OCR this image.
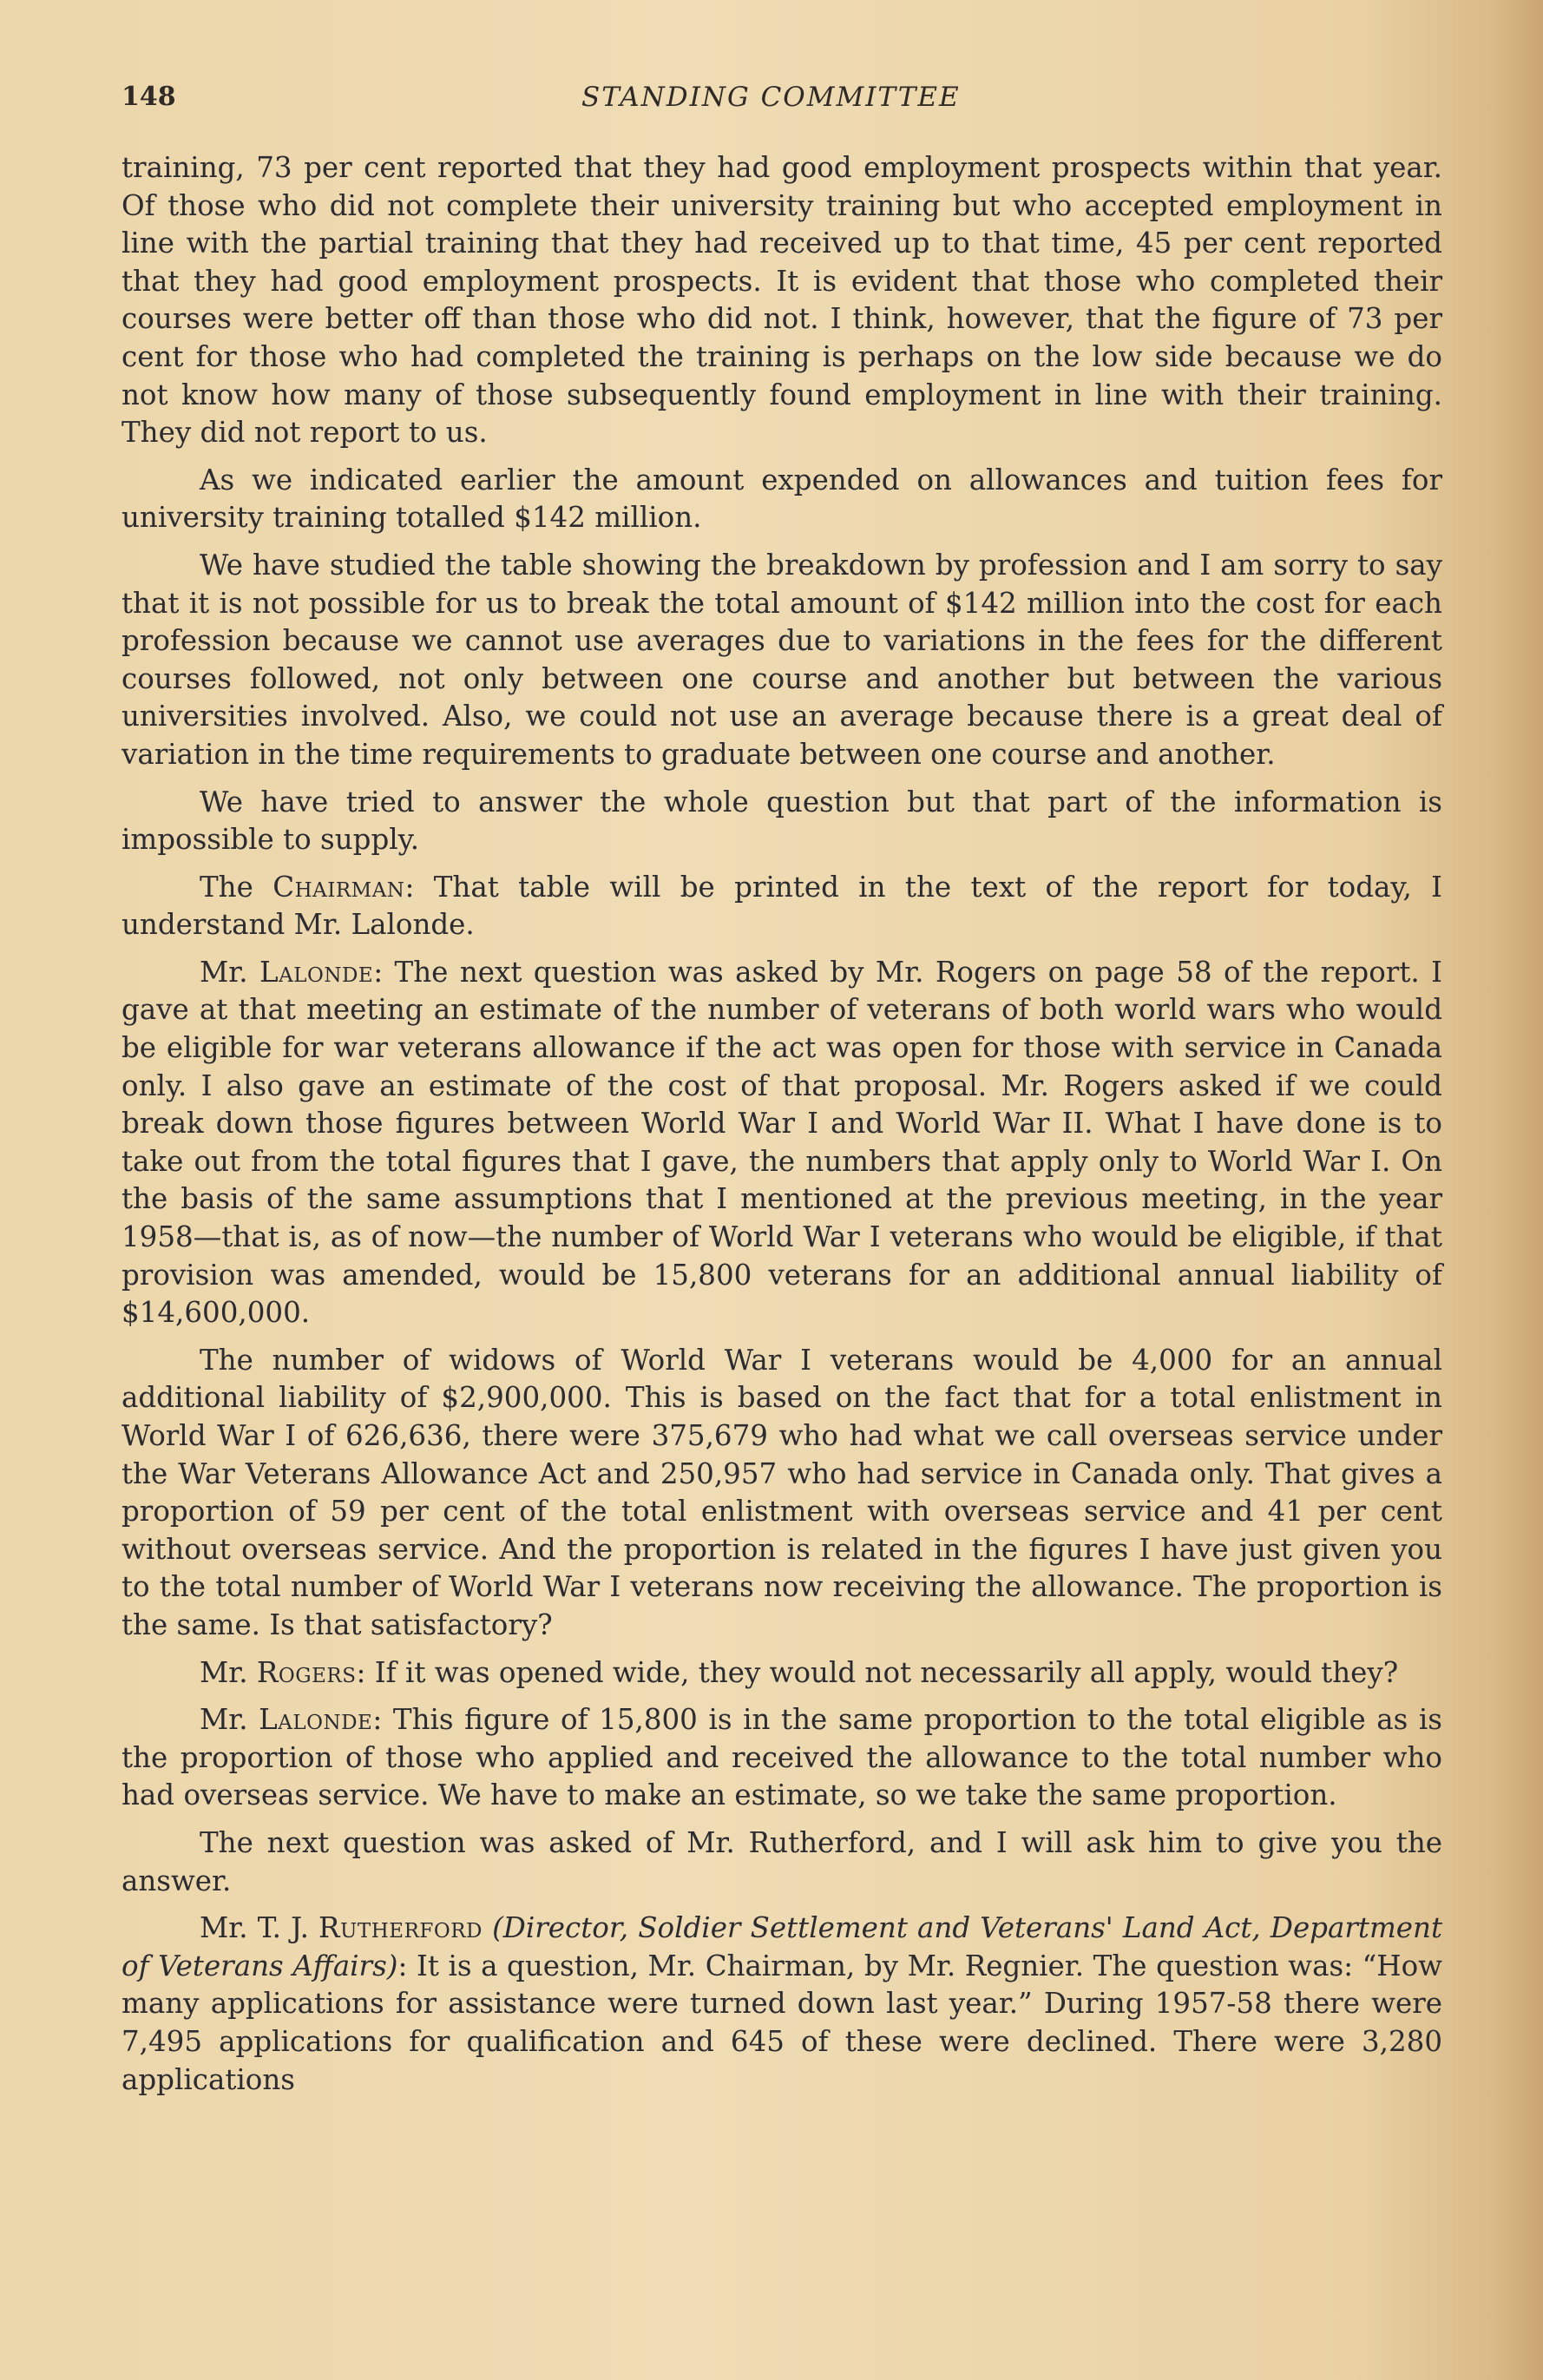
148	STANDING COMMITTEE

training, 73 per cent reported that they had good employment prospects within that year. Of those who did not complete their university training but who accepted employment in line with the partial training that they had received up to that time, 45 per cent reported that they had good employment prospects. It is evident that those who completed their courses were better off than those who did not. I think, however, that the figure of 73 per cent for those who had completed the training is perhaps on the low side because we do not know how many of those subsequently found employment in line with their training. They did not report to us.

As we indicated earlier the amount expended on allowances and tuition fees for university training totalled $142 million.

We have studied the table showing the breakdown by profession and I am sorry to say that it is not possible for us to break the total amount of $142 million into the cost for each profession because we cannot use averages due to variations in the fees for the different courses followed, not only between one course and another but between the various universities involved. Also, we could not use an average because there is a great deal of variation in the time requirements to graduate between one course and another.

We have tried to answer the whole question but that part of the information is impossible to supply.

The Chairman: That table will be printed in the text of the report for today, I understand Mr. Lalonde.

Mr. Lalonde: The next question was asked by Mr. Rogers on page 58 of the report. I gave at that meeting an estimate of the number of veterans of both world wars who would be eligible for war veterans allowance if the act was open for those with service in Canada only. I also gave an estimate of the cost of that proposal. Mr. Rogers asked if we could break down those figures between World War I and World War II. What I have done is to take out from the total figures that I gave, the numbers that apply only to World War I. On the basis of the same assumptions that I mentioned at the previous meeting, in the year 1958—that is, as of now—the number of World War I veterans who would be eligible, if that provision was amended, would be 15,800 veterans for an additional annual liability of $14,600,000.

The number of widows of World War I veterans would be 4,000 for an annual additional liability of $2,900,000. This is based on the fact that for a total enlistment in World War I of 626,636, there were 375,679 who had what we call overseas service under the War Veterans Allowance Act and 250,957 who had service in Canada only. That gives a proportion of 59 per cent of the total enlistment with overseas service and 41 per cent without overseas service. And the proportion is related in the figures I have just given you to the total number of World War I veterans now receiving the allowance. The proportion is the same. Is that satisfactory?

Mr. Rogers: If it was opened wide, they would not necessarily all apply, would they?

Mr. Lalonde: This figure of 15,800 is in the same proportion to the total eligible as is the proportion of those who applied and received the allowance to the total number who had overseas service. We have to make an estimate, so we take the same proportion.

The next question was asked of Mr. Rutherford, and I will ask him to give you the answer.

Mr. T. J. Rutherford (Director, Soldier Settlement and Veterans' Land Act, Department of Veterans Affairs): It is a question, Mr. Chairman, by Mr. Regnier. The question was: “How many applications for assistance were turned down last year.” During 1957-58 there were 7,495 applications for qualification and 645 of these were declined. There were 3,280 applications
